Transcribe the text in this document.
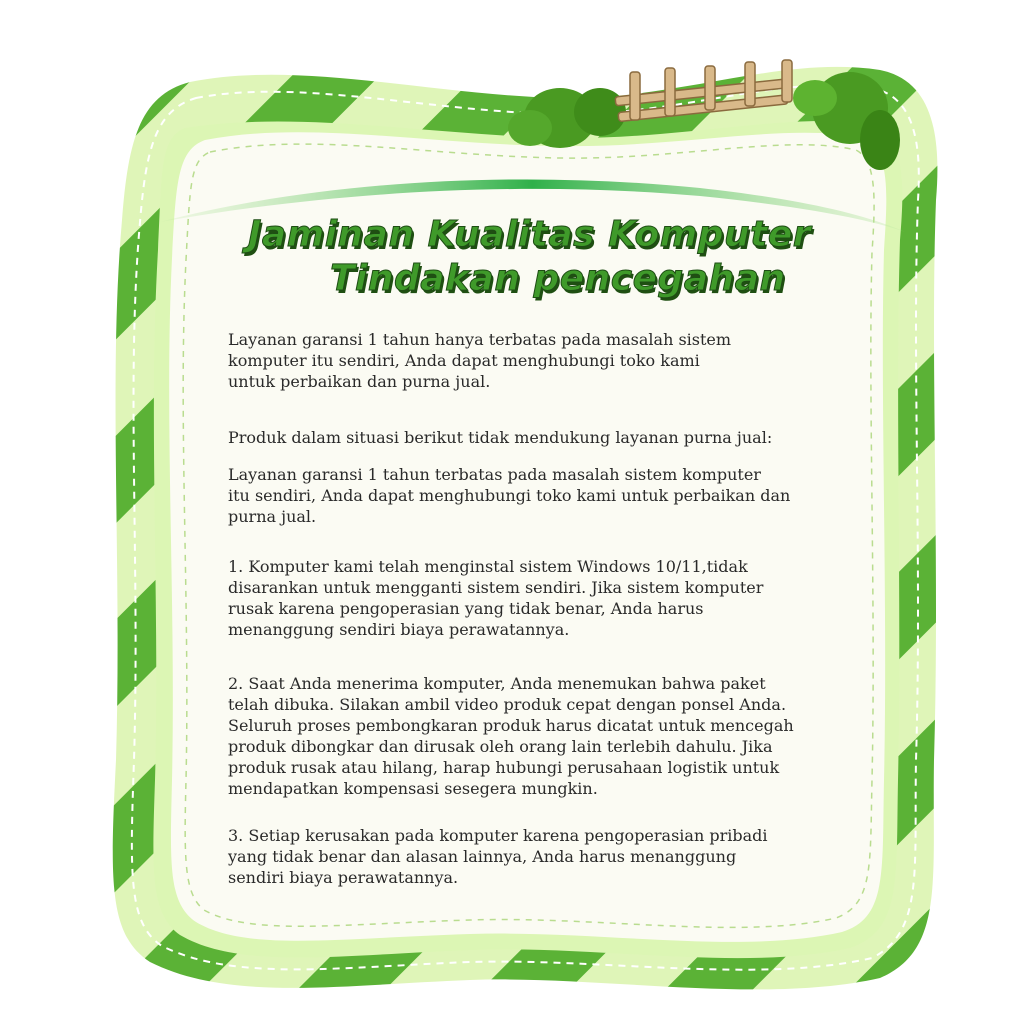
Jaminan Kualitas Komputer
Tindakan pencegahan

Layanan garansi 1 tahun hanya terbatas pada masalah sistem
komputer itu sendiri, Anda dapat menghubungi toko kami
untuk perbaikan dan purna jual.

Produk dalam situasi berikut tidak mendukung layanan purna jual:

Layanan garansi 1 tahun terbatas pada masalah sistem komputer
itu sendiri, Anda dapat menghubungi toko kami untuk perbaikan dan
purna jual.

1. Komputer kami telah menginstal sistem Windows 10/11,tidak
disarankan untuk mengganti sistem sendiri. Jika sistem komputer
rusak karena pengoperasian yang tidak benar, Anda harus
menanggung sendiri biaya perawatannya.

2. Saat Anda menerima komputer, Anda menemukan bahwa paket
telah dibuka. Silakan ambil video produk cepat dengan ponsel Anda.
Seluruh proses pembongkaran produk harus dicatat untuk mencegah
produk dibongkar dan dirusak oleh orang lain terlebih dahulu. Jika
produk rusak atau hilang, harap hubungi perusahaan logistik untuk
mendapatkan kompensasi sesegera mungkin.

3. Setiap kerusakan pada komputer karena pengoperasian pribadi
yang tidak benar dan alasan lainnya, Anda harus menanggung
sendiri biaya perawatannya.
